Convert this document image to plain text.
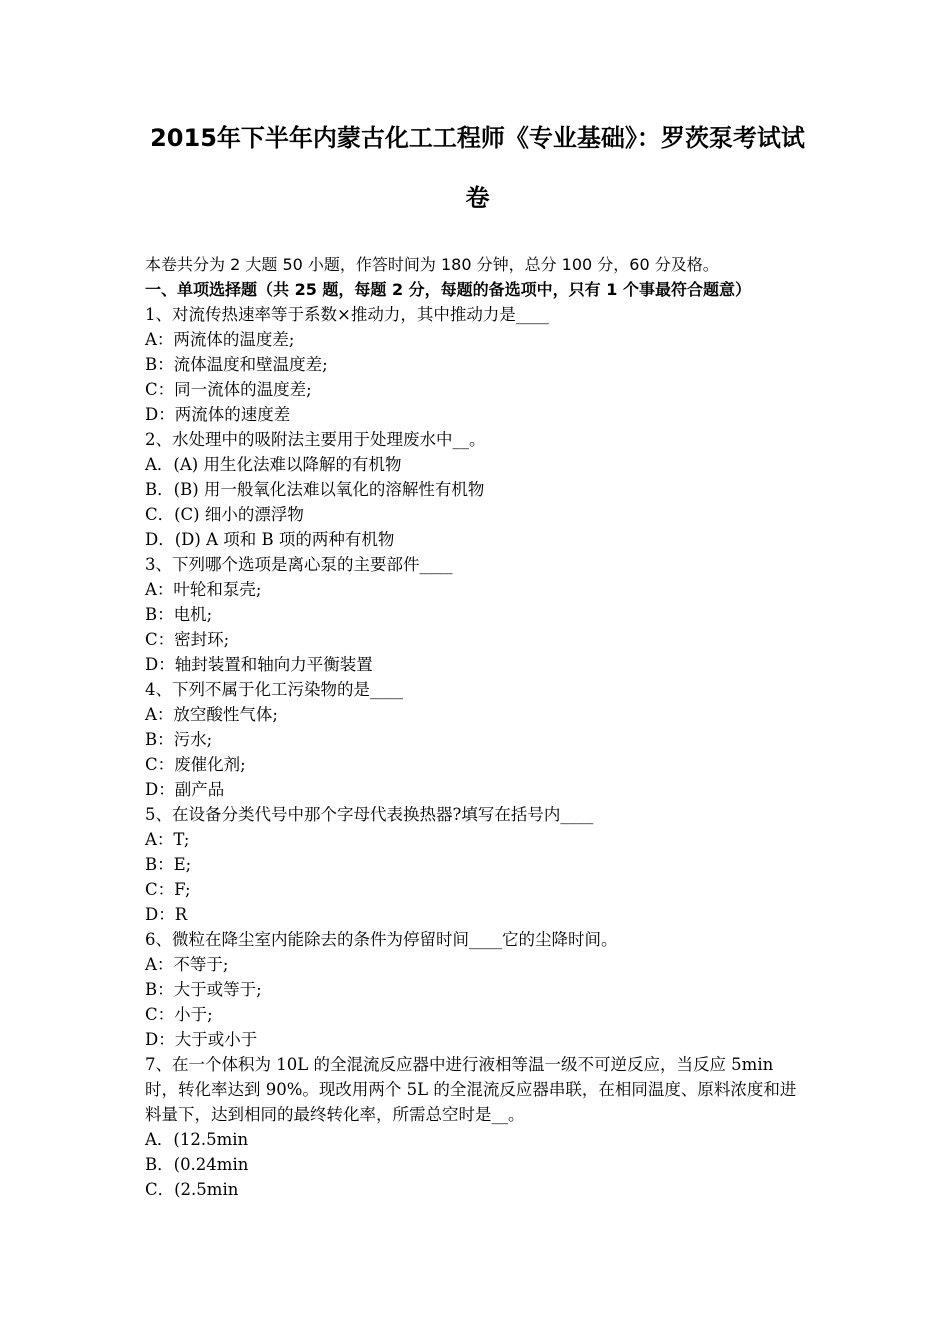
2015年下半年内蒙古化工工程师《专业基础》：罗茨泵考试试卷
本卷共分为 2 大题 50 小题，作答时间为 180 分钟，总分 100 分，60 分及格。
一、单项选择题（共 25 题，每题 2 分，每题的备选项中，只有 1 个事最符合题意）
1、对流传热速率等于系数×推动力，其中推动力是____
A：两流体的温度差;
B：流体温度和壁温度差;
C：同一流体的温度差;
D：两流体的速度差
2、水处理中的吸附法主要用于处理废水中__。
A．(A) 用生化法难以降解的有机物
B．(B) 用一般氧化法难以氧化的溶解性有机物
C．(C) 细小的漂浮物
D．(D) A 项和 B 项的两种有机物
3、下列哪个选项是离心泵的主要部件____
A：叶轮和泵壳;
B：电机;
C：密封环;
D：轴封装置和轴向力平衡装置
4、下列不属于化工污染物的是____
A：放空酸性气体;
B：污水;
C：废催化剂;
D：副产品
5、在设备分类代号中那个字母代表换热器?填写在括号内____
A：T;
B：E;
C：F;
D：R
6、微粒在降尘室内能除去的条件为停留时间____它的尘降时间。
A：不等于;
B：大于或等于;
C：小于;
D：大于或小于
7、在一个体积为 10L 的全混流反应器中进行液相等温一级不可逆反应，当反应 5min 时，转化率达到 90%。现改用两个 5L 的全混流反应器串联，在相同温度、原料浓度和进料量下，达到相同的最终转化率，所需总空时是__。
A．(12.5min
B．(0.24min
C．(2.5min
